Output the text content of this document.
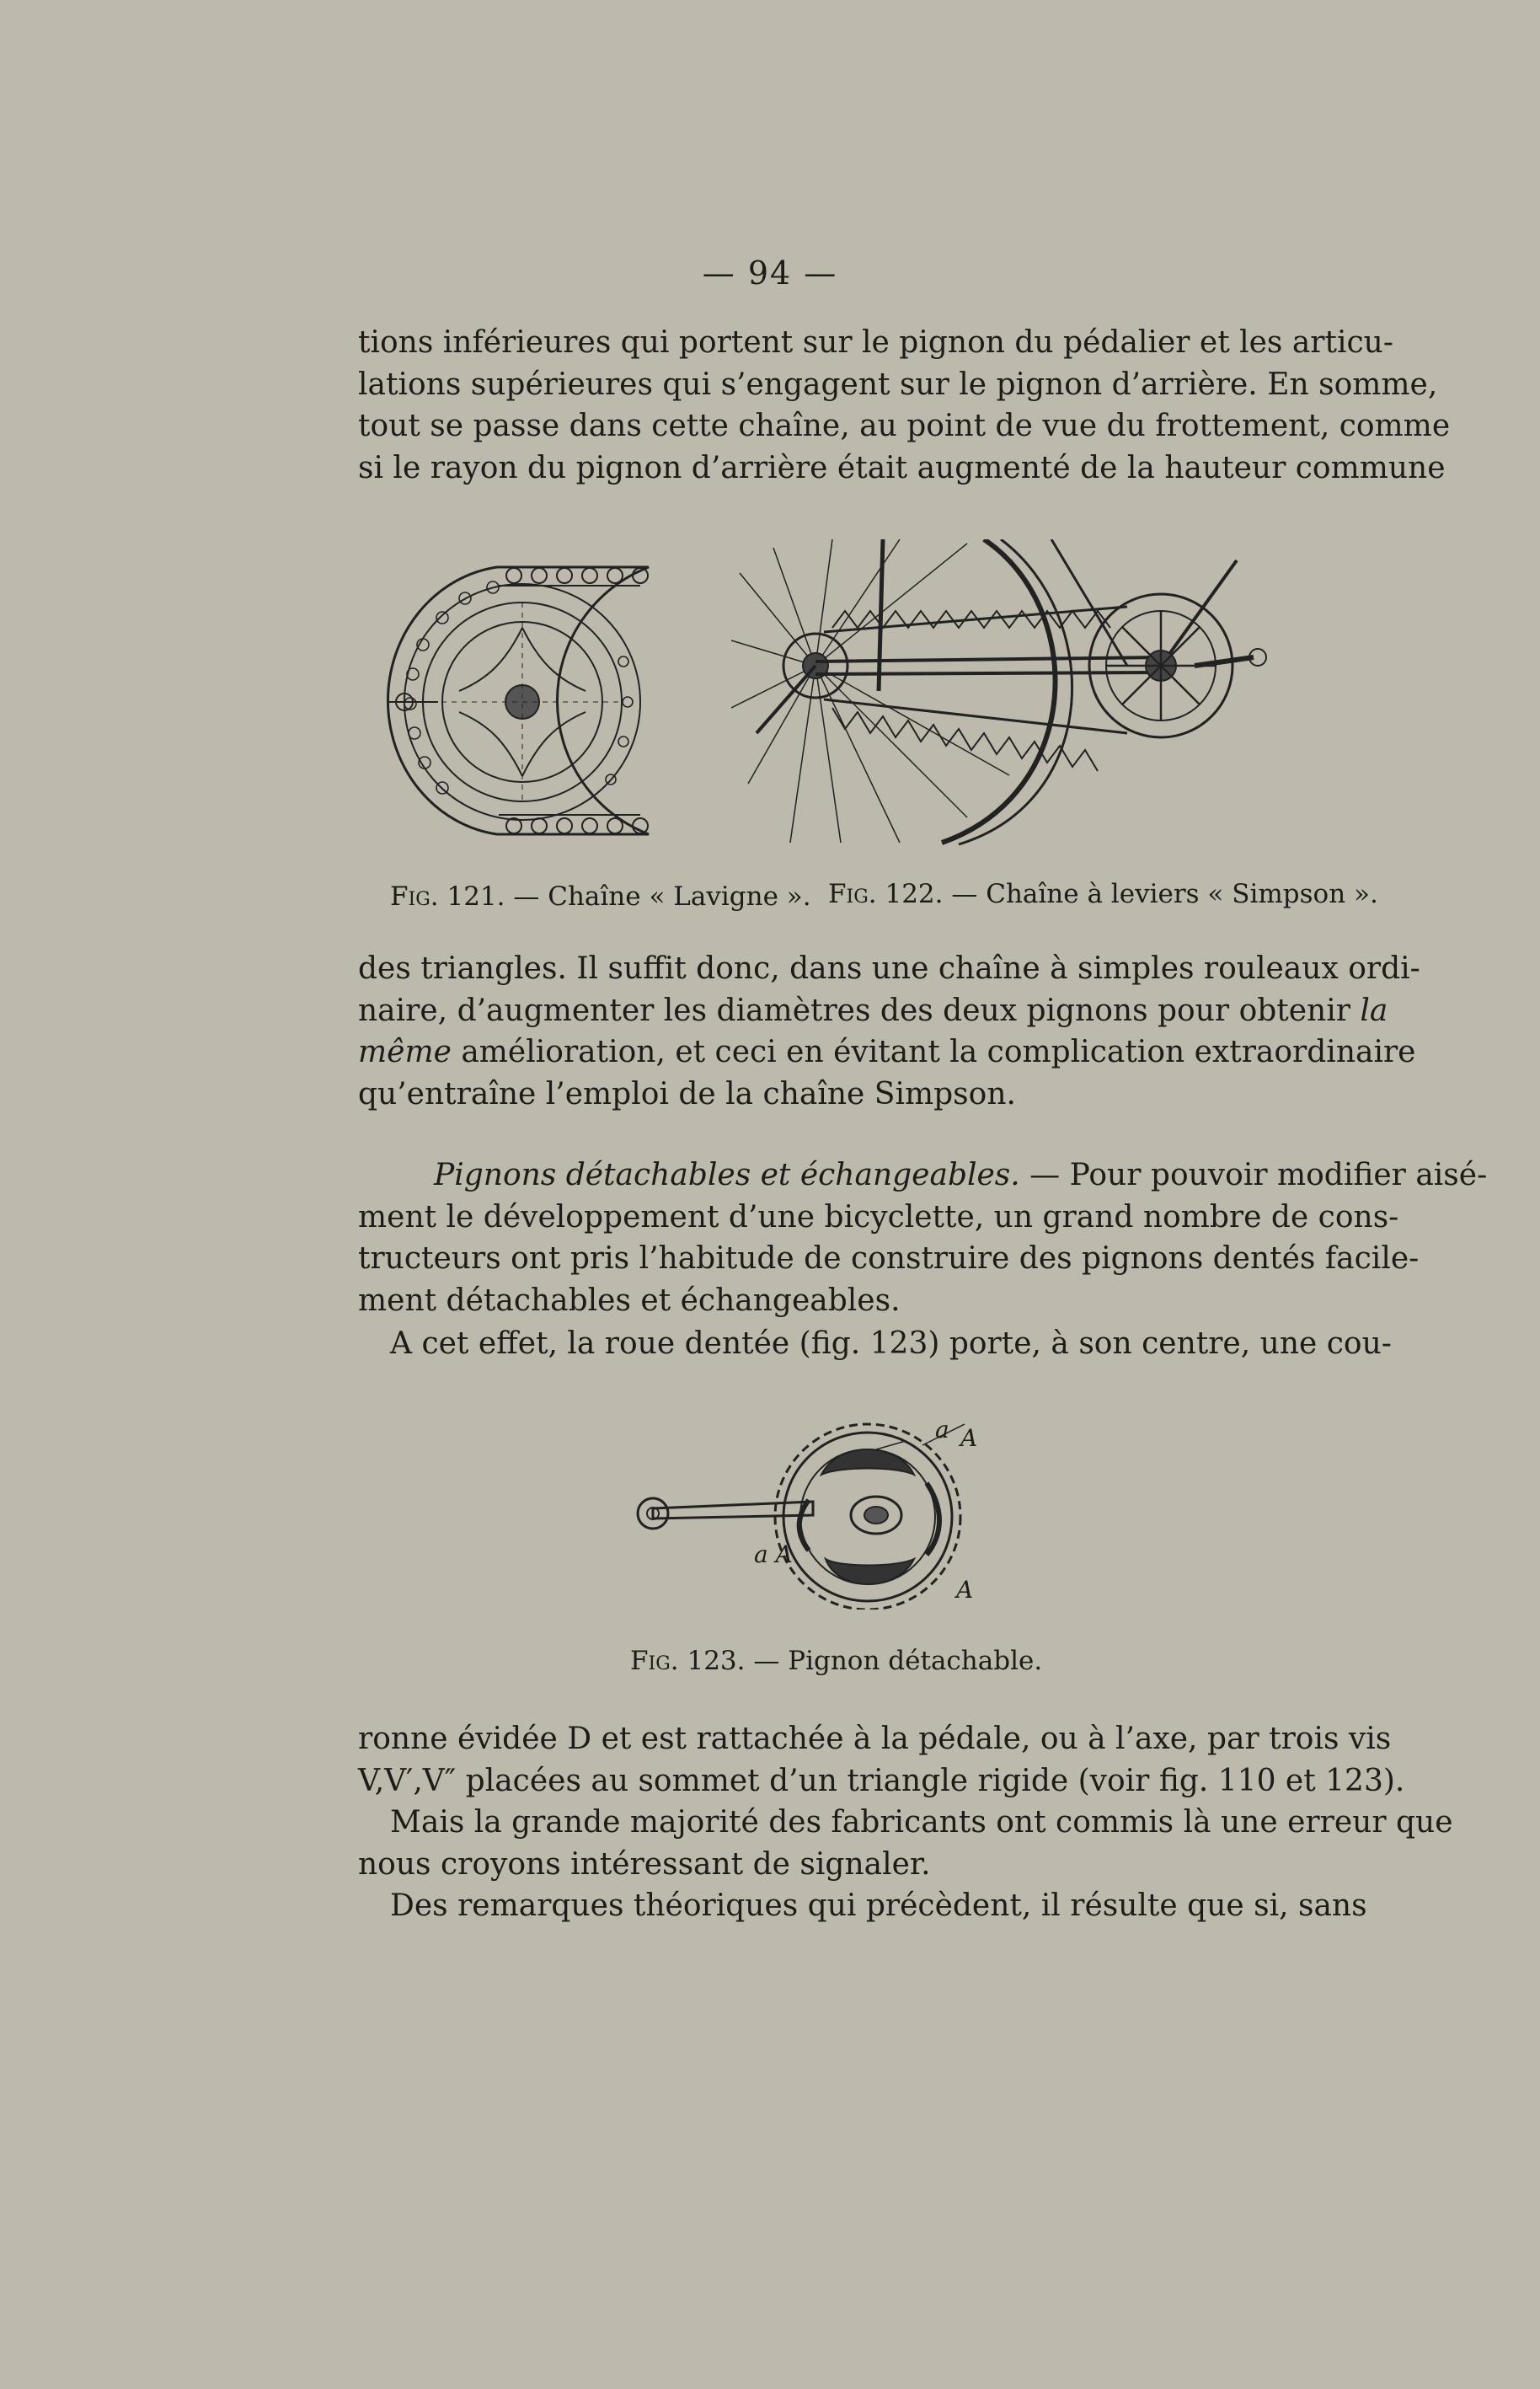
— 94 —
tions inférieures qui portent sur le pignon du pédalier et les articu-
lations supérieures qui s’engagent sur le pignon d’arrière. En somme,
tout se passe dans cette chaîne, au point de vue du frottement, comme
si le rayon du pignon d’arrière était augmenté de la hauteur commune
Fig. 121. — Chaîne « Lavigne ». Fig. 122. — Chaîne à leviers « Simpson ».
des triangles. Il suffit donc, dans une chaîne à simples rouleaux ordi-
naire, d’augmenter les diamètres des deux pignons pour obtenir la
même amélioration, et ceci en évitant la complication extraordinaire
qu’entraîne l’emploi de la chaîne Simpson.
Pignons détachables et échangeables. — Pour pouvoir modifier aisé-
ment le développement d’une bicyclette, un grand nombre de cons-
tructeurs ont pris l’habitude de construire des pignons dentés facile-
ment détachables et échangeables.
A cet effet, la roue dentée (fig. 123) porte, à son centre, une cou-
a A
A
a A
Fig. 123. — Pignon détachable.
ronne évidée D et est rattachée à la pédale, ou à l’axe, par trois vis
V,V′,V″ placées au sommet d’un triangle rigide (voir fig. 110 et 123).
Mais la grande majorité des fabricants ont commis là une erreur que
nous croyons intéressant de signaler.
Des remarques théoriques qui précèdent, il résulte que si, sans
